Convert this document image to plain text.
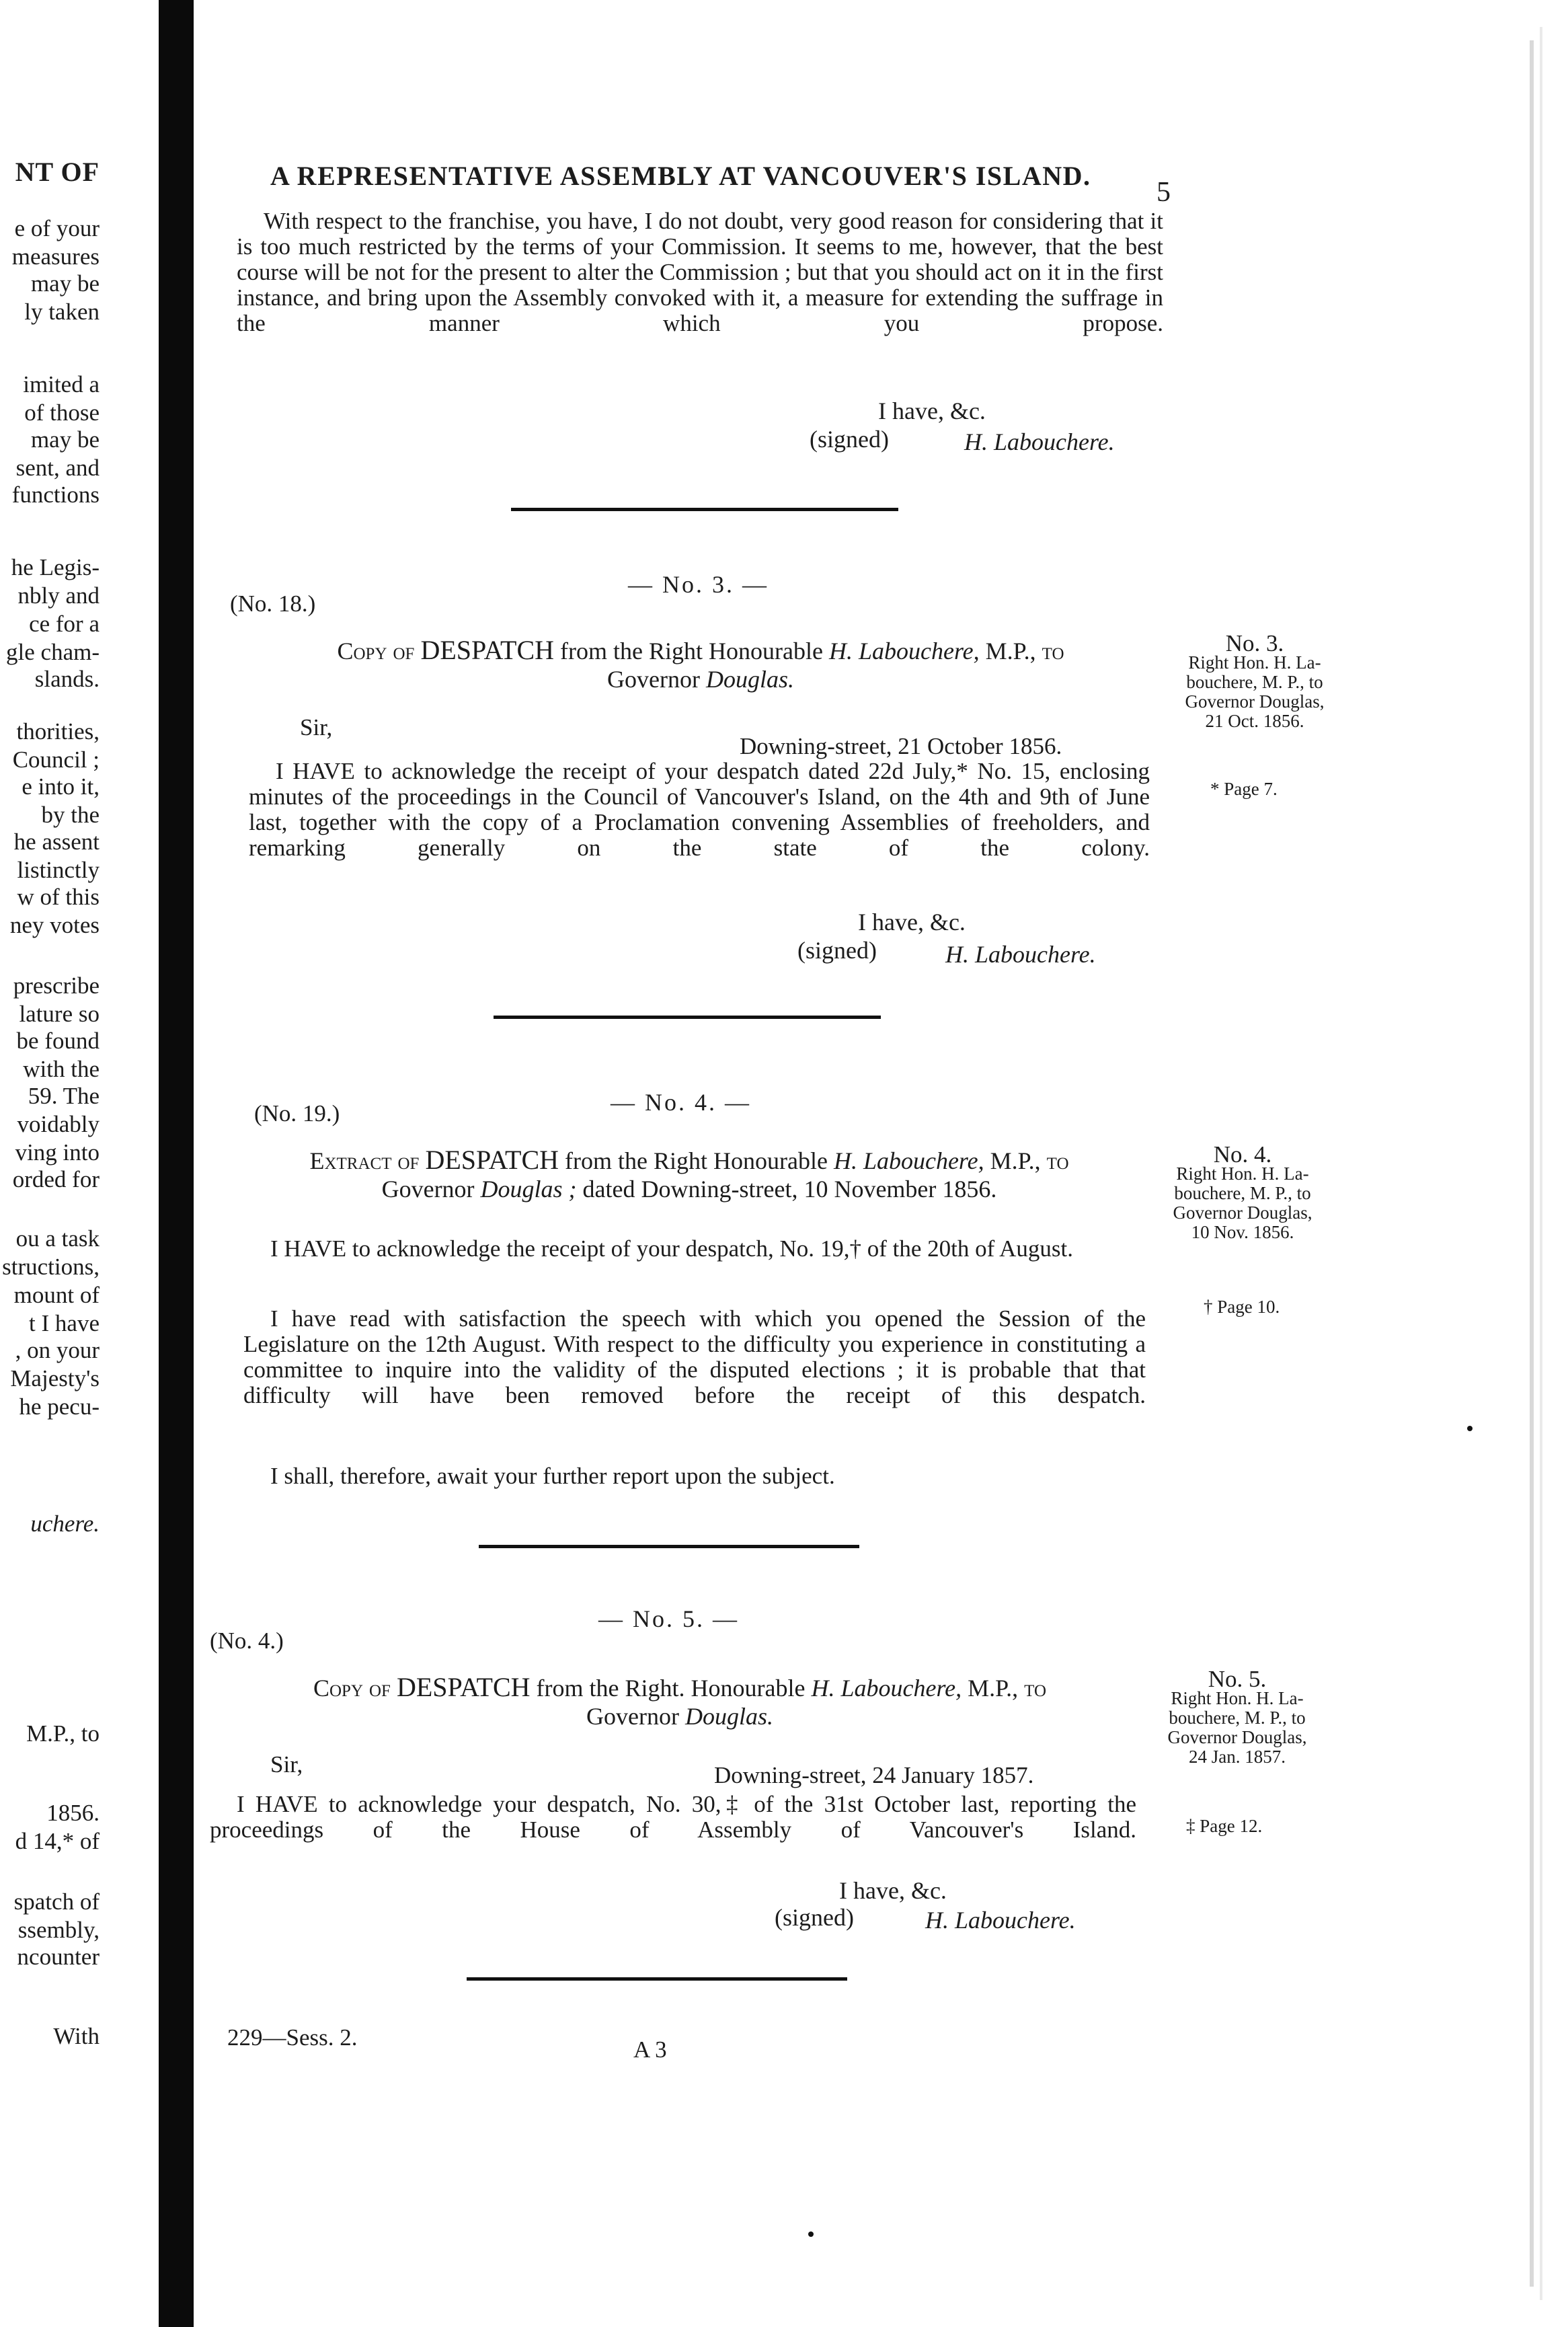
NT OF
e of your
measures
may be
ly taken
imited a
of those
may be
sent, and
functions
he Legis-
nbly and
ce for a
gle cham-
slands.
thorities,
Council ;
e into it,
by the
he assent
listinctly
w of this
ney votes
prescribe
lature so
be found
with the
59. The
voidably
ving into
orded for
ou a task
structions,
mount of
t I have
, on your
Majesty's
he pecu-
uchere.
M.P., to
1856.
d 14,* of
spatch of
ssembly,
ncounter
With
A REPRESENTATIVE ASSEMBLY AT VANCOUVER'S ISLAND.
5
With respect to the franchise, you have, I do not doubt, very good reason for considering that it is too much restricted by the terms of your Commission. It seems to me, however, that the best course will be not for the present to alter the Commission ; but that you should act on it in the first instance, and bring upon the Assembly convoked with it, a measure for extending the suffrage in the manner which you propose.
I have, &c.
(signed)	H. Labouchere.
— No. 3. —
(No. 18.)
Copy of DESPATCH from the Right Honourable H. Labouchere, M.P., to
Governor Douglas.
Sir,
Downing-street, 21 October 1856.
I HAVE to acknowledge the receipt of your despatch dated 22d July,* No. 15, enclosing minutes of the proceedings in the Council of Vancouver's Island, on the 4th and 9th of June last, together with the copy of a Proclamation convening Assemblies of freeholders, and remarking generally on the state of the colony.
I have, &c.
(signed)	H. Labouchere.
No. 3.
Right Hon. H. La-
bouchere, M. P., to
Governor Douglas,
21 Oct. 1856.
* Page 7.
— No. 4. —
(No. 19.)
Extract of DESPATCH from the Right Honourable H. Labouchere, M.P., to
Governor Douglas ; dated Downing-street, 10 November 1856.
I HAVE to acknowledge the receipt of your despatch, No. 19,† of the 20th of August.
I have read with satisfaction the speech with which you opened the Session of the Legislature on the 12th August. With respect to the difficulty you experience in constituting a committee to inquire into the validity of the disputed elections ; it is probable that that difficulty will have been removed before the receipt of this despatch.
I shall, therefore, await your further report upon the subject.
No. 4.
Right Hon. H. La-
bouchere, M. P., to
Governor Douglas,
10 Nov. 1856.
† Page 10.
— No. 5. —
(No. 4.)
Copy of DESPATCH from the Right. Honourable H. Labouchere, M.P., to
Governor Douglas.
Sir,	Downing-street, 24 January 1857.
I HAVE to acknowledge your despatch, No. 30,‡ of the 31st October last, reporting the proceedings of the House of Assembly of Vancouver's Island.
I have, &c.
(signed)	H. Labouchere.
No. 5.
Right Hon. H. La-
bouchere, M. P., to
Governor Douglas,
24 Jan. 1857.
‡ Page 12.
229—Sess. 2.	A 3
